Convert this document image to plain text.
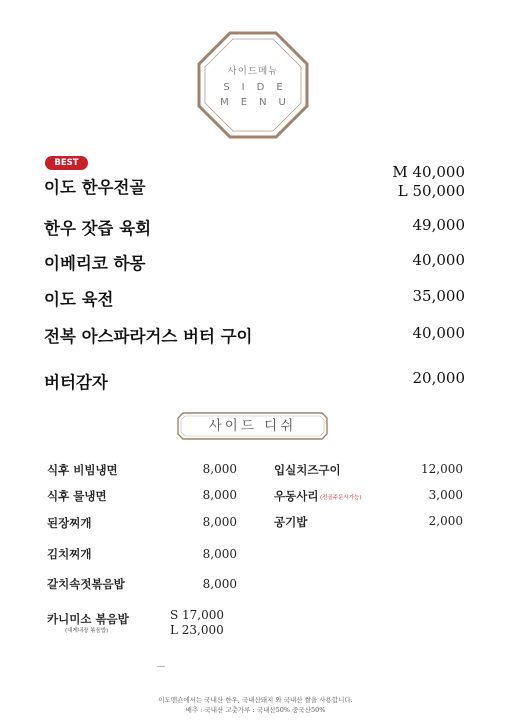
사이드메뉴
SIDE
MENU
BEST
이도 한우전골
M 40,000
L 50,000
한우 잣즙 육회	49,000
이베리코 하몽	40,000
이도 육전	35,000
전복 아스파라거스 버터 구이	40,000
버터감자	20,000
사이드 디쉬
식후 비빔냉면	8,000
식후 물냉면	8,000
된장찌개	8,000
김치찌개	8,000
갈치속젓볶음밥	8,000
카니미소 볶음밥
(대게내장 볶음밥)
S 17,000
L 23,000
입실치즈구이	12,000
우동사리 (전골주문시가능)	3,000
공기밥	2,000
이도맨숀에서는 국내산 한우, 국내산돼지 와 국내산 쌀을 사용합니다.
배추 : 국내산 고춧가루 : 국내산50% 중국산50%
